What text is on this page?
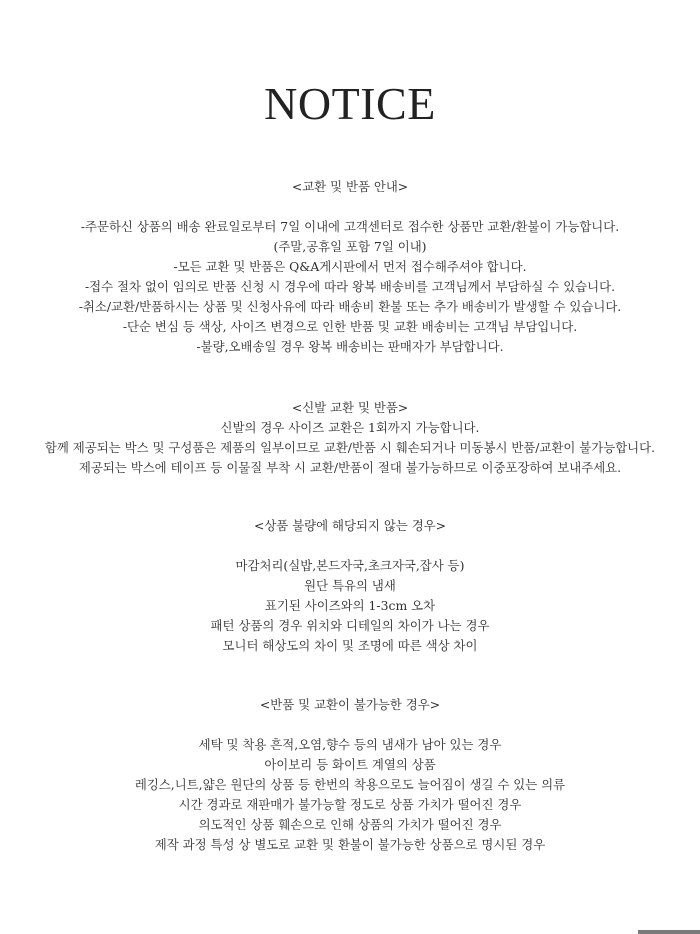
NOTICE
<교환 및 반품 안내>
-주문하신 상품의 배송 완료일로부터 7일 이내에 고객센터로 접수한 상품만 교환/환불이 가능합니다.
(주말,공휴일 포함 7일 이내)
-모든 교환 및 반품은 Q&A게시판에서 먼저 접수해주셔야 합니다.
-접수 절차 없이 임의로 반품 신청 시 경우에 따라 왕복 배송비를 고객님께서 부담하실 수 있습니다.
-취소/교환/반품하시는 상품 및 신청사유에 따라 배송비 환불 또는 추가 배송비가 발생할 수 있습니다.
-단순 변심 등 색상, 사이즈 변경으로 인한 반품 및 교환 배송비는 고객님 부담입니다.
-불량,오배송일 경우 왕복 배송비는 판매자가 부담합니다.
<신발 교환 및 반품>
신발의 경우 사이즈 교환은 1회까지 가능합니다.
함께 제공되는 박스 및 구성품은 제품의 일부이므로 교환/반품 시 훼손되거나 미동봉시 반품/교환이 불가능합니다.
제공되는 박스에 테이프 등 이물질 부착 시 교환/반품이 절대 불가능하므로 이중포장하여 보내주세요.
<상품 불량에 해당되지 않는 경우>
마감처리(실밥,본드자국,초크자국,잡사 등)
원단 특유의 냄새
표기된 사이즈와의 1-3cm 오차
패턴 상품의 경우 위치와 디테일의 차이가 나는 경우
모니터 해상도의 차이 및 조명에 따른 색상 차이
<반품 및 교환이 불가능한 경우>
세탁 및 착용 흔적,오염,향수 등의 냄새가 남아 있는 경우
아이보리 등 화이트 계열의 상품
레깅스,니트,얇은 원단의 상품 등 한번의 착용으로도 늘어짐이 생길 수 있는 의류
시간 경과로 재판매가 불가능할 정도로 상품 가치가 떨어진 경우
의도적인 상품 훼손으로 인해 상품의 가치가 떨어진 경우
제작 과정 특성 상 별도로 교환 및 환불이 불가능한 상품으로 명시된 경우
